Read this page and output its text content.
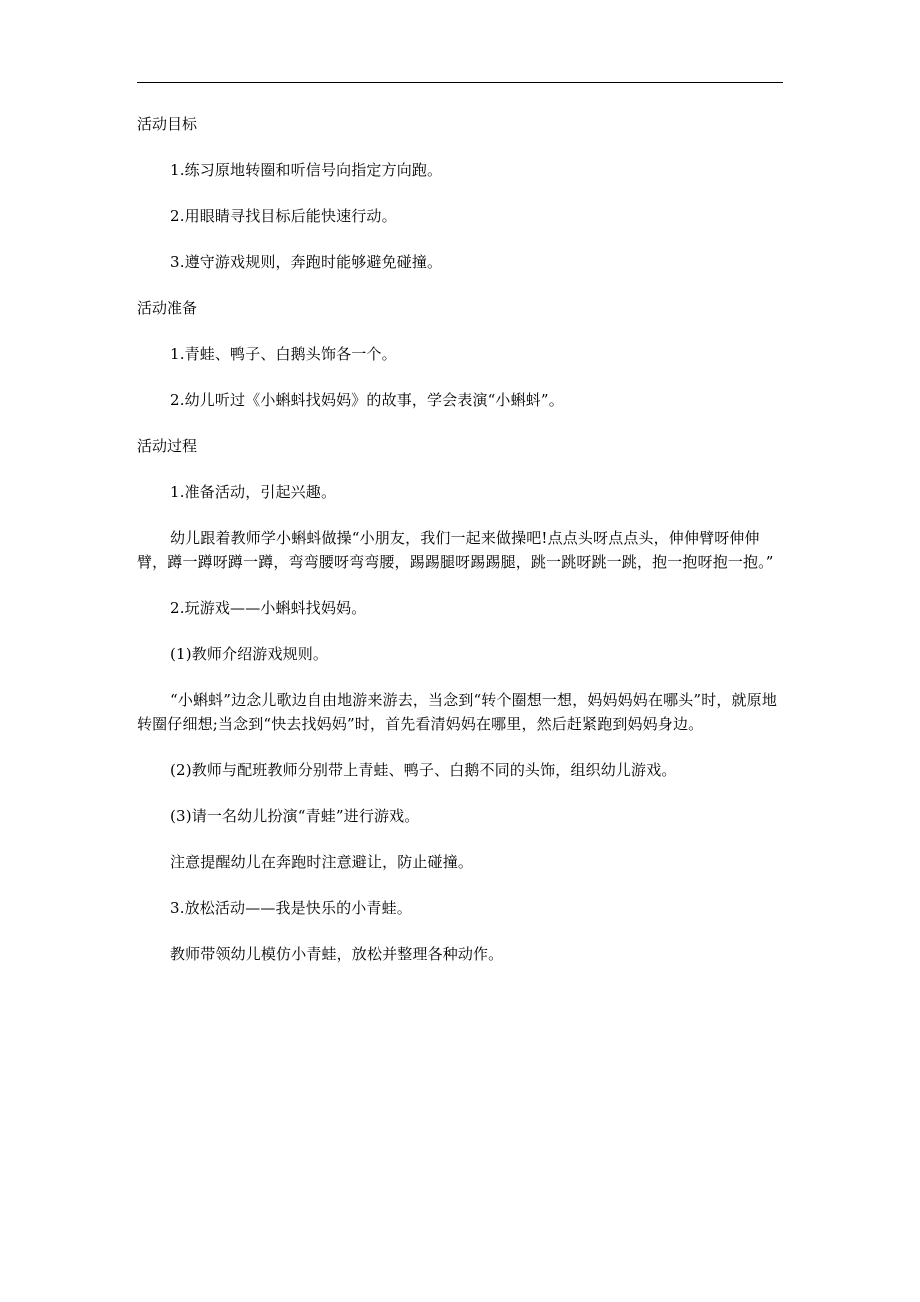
活动目标

1.练习原地转圈和听信号向指定方向跑。

2.用眼睛寻找目标后能快速行动。

3.遵守游戏规则，奔跑时能够避免碰撞。

活动准备

1.青蛙、鸭子、白鹅头饰各一个。

2.幼儿听过《小蝌蚪找妈妈》的故事，学会表演“小蝌蚪”。

活动过程

1.准备活动，引起兴趣。

幼儿跟着教师学小蝌蚪做操“小朋友，我们一起来做操吧!点点头呀点点头，伸伸臂呀伸伸臂，蹲一蹲呀蹲一蹲，弯弯腰呀弯弯腰，踢踢腿呀踢踢腿，跳一跳呀跳一跳，抱一抱呀抱一抱。”

2.玩游戏——小蝌蚪找妈妈。

(1)教师介绍游戏规则。

“小蝌蚪”边念儿歌边自由地游来游去，当念到“转个圈想一想，妈妈妈妈在哪头”时，就原地转圈仔细想;当念到“快去找妈妈”时，首先看清妈妈在哪里，然后赶紧跑到妈妈身边。

(2)教师与配班教师分别带上青蛙、鸭子、白鹅不同的头饰，组织幼儿游戏。

(3)请一名幼儿扮演“青蛙”进行游戏。

注意提醒幼儿在奔跑时注意避让，防止碰撞。

3.放松活动——我是快乐的小青蛙。

教师带领幼儿模仿小青蛙，放松并整理各种动作。
